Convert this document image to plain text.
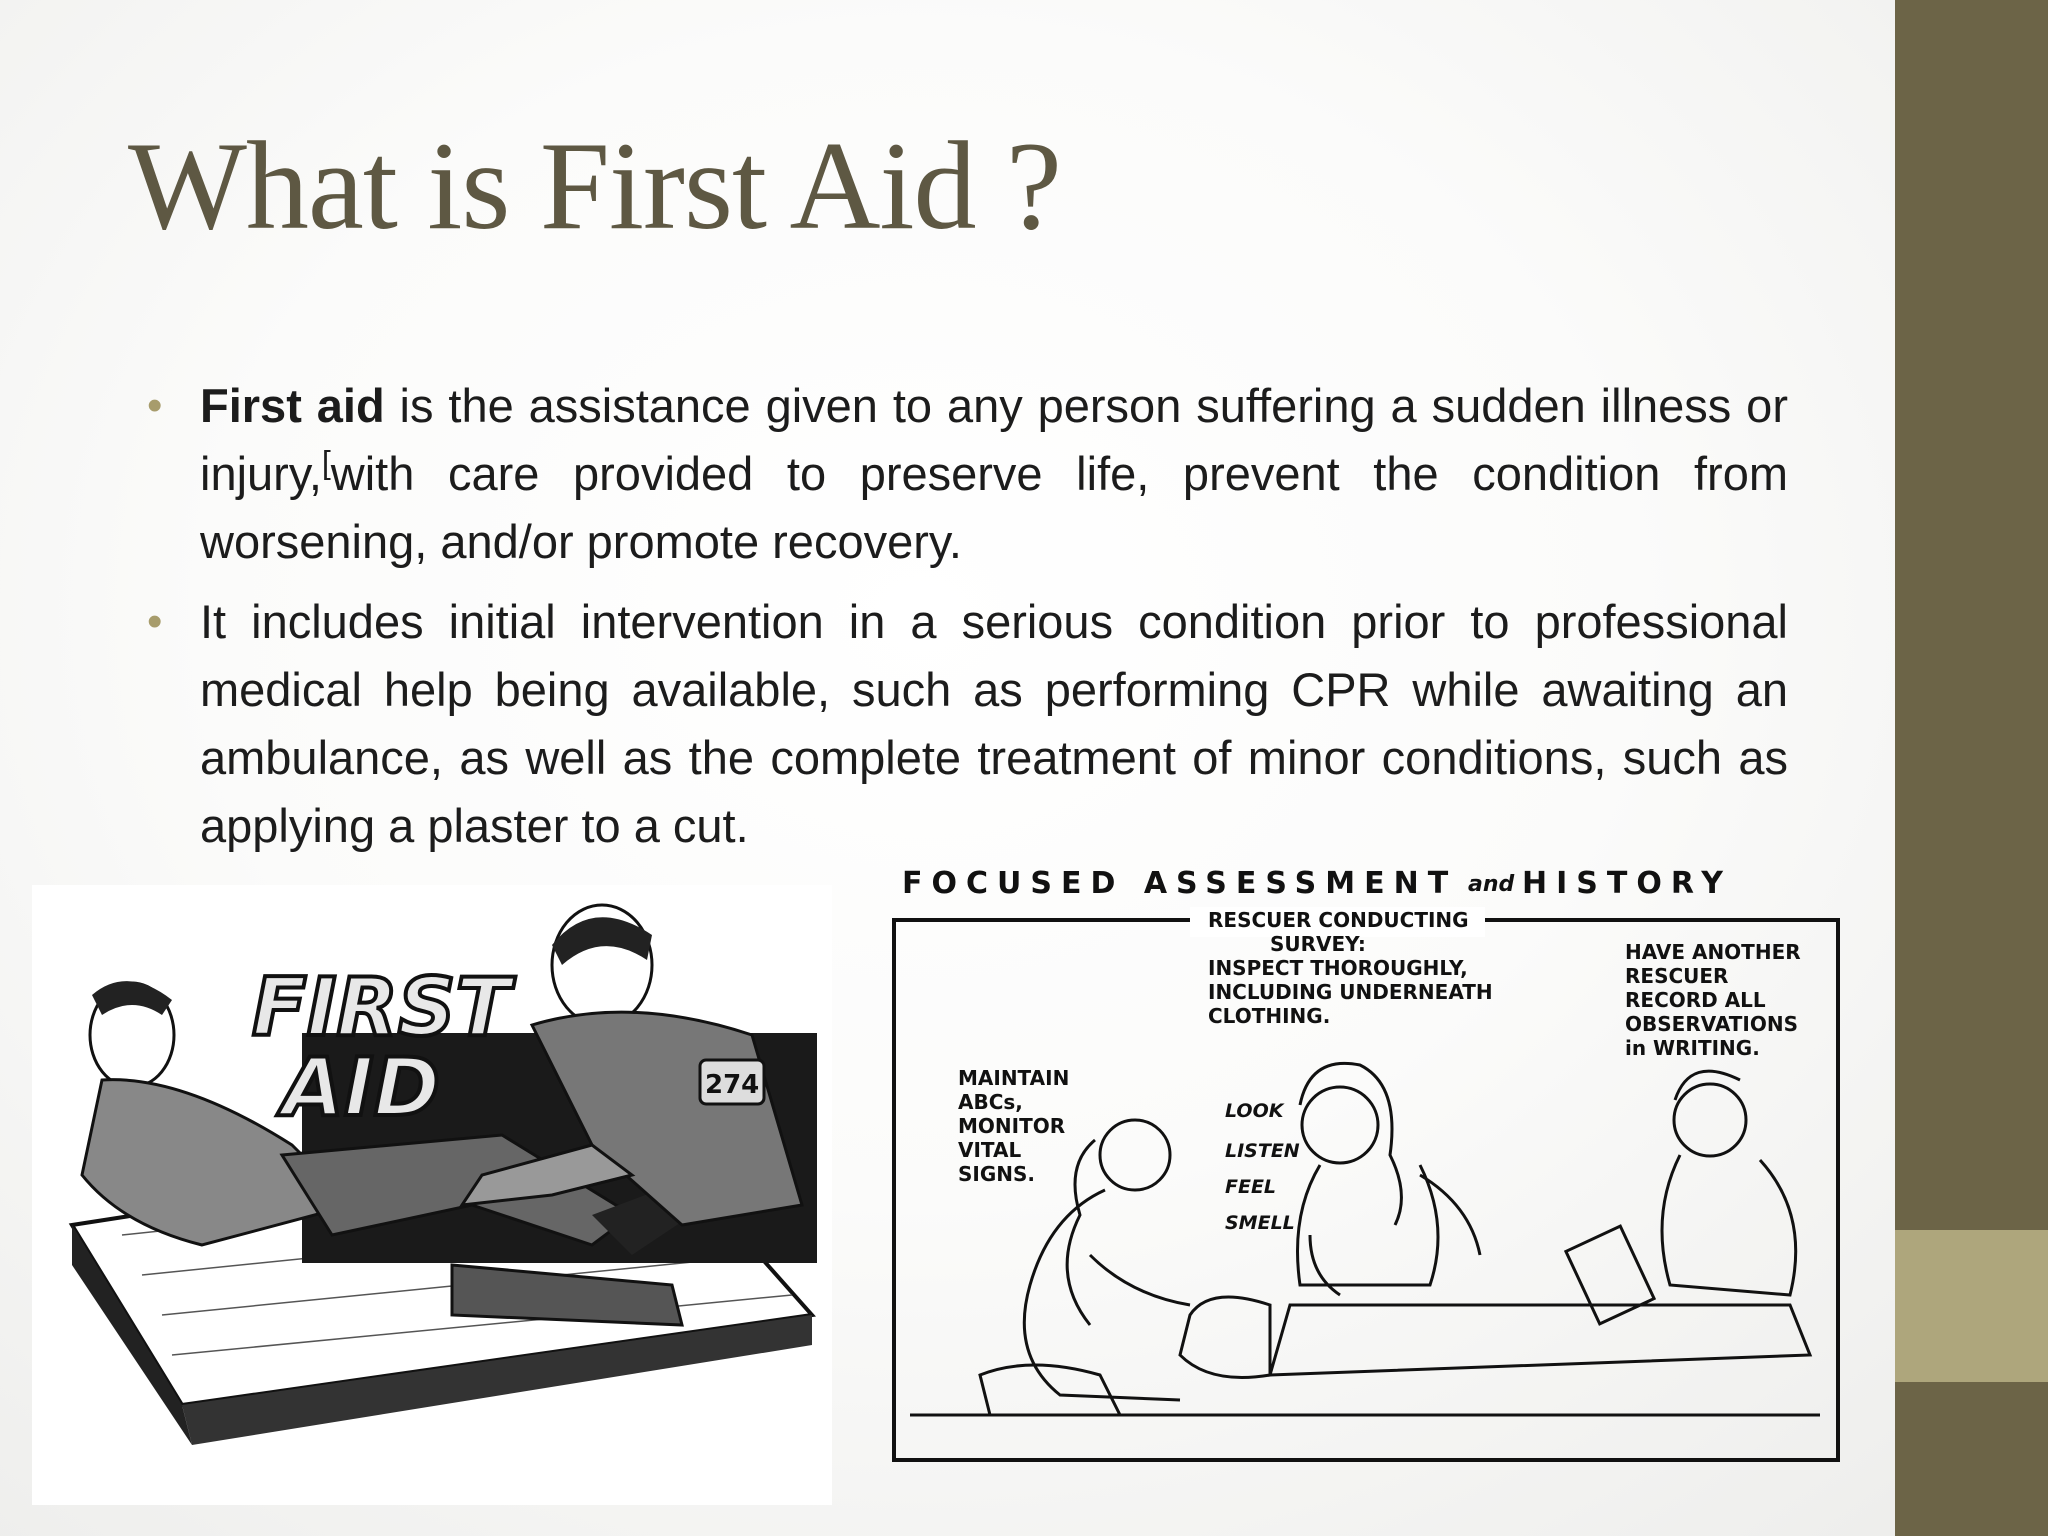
What is First Aid ?
• First aid is the assistance given to any person suffering a sudden illness or injury,[with care provided to preserve life, prevent the condition from worsening, and/or promote recovery.
• It includes initial intervention in a serious condition prior to professional medical help being available, such as performing CPR while awaiting an ambulance, as well as the complete treatment of minor conditions, such as applying a plaster to a cut.
FIRST
AID	274
FOCUSED ASSESSMENT and HISTORY
RESCUER CONDUCTING
SURVEY:
INSPECT THOROUGHLY,
INCLUDING UNDERNEATH
CLOTHING.
MAINTAIN
ABCs,
MONITOR
VITAL
SIGNS.
HAVE ANOTHER
RESCUER
RECORD ALL
OBSERVATIONS
in WRITING.
LOOK
LISTEN
FEEL
SMELL
